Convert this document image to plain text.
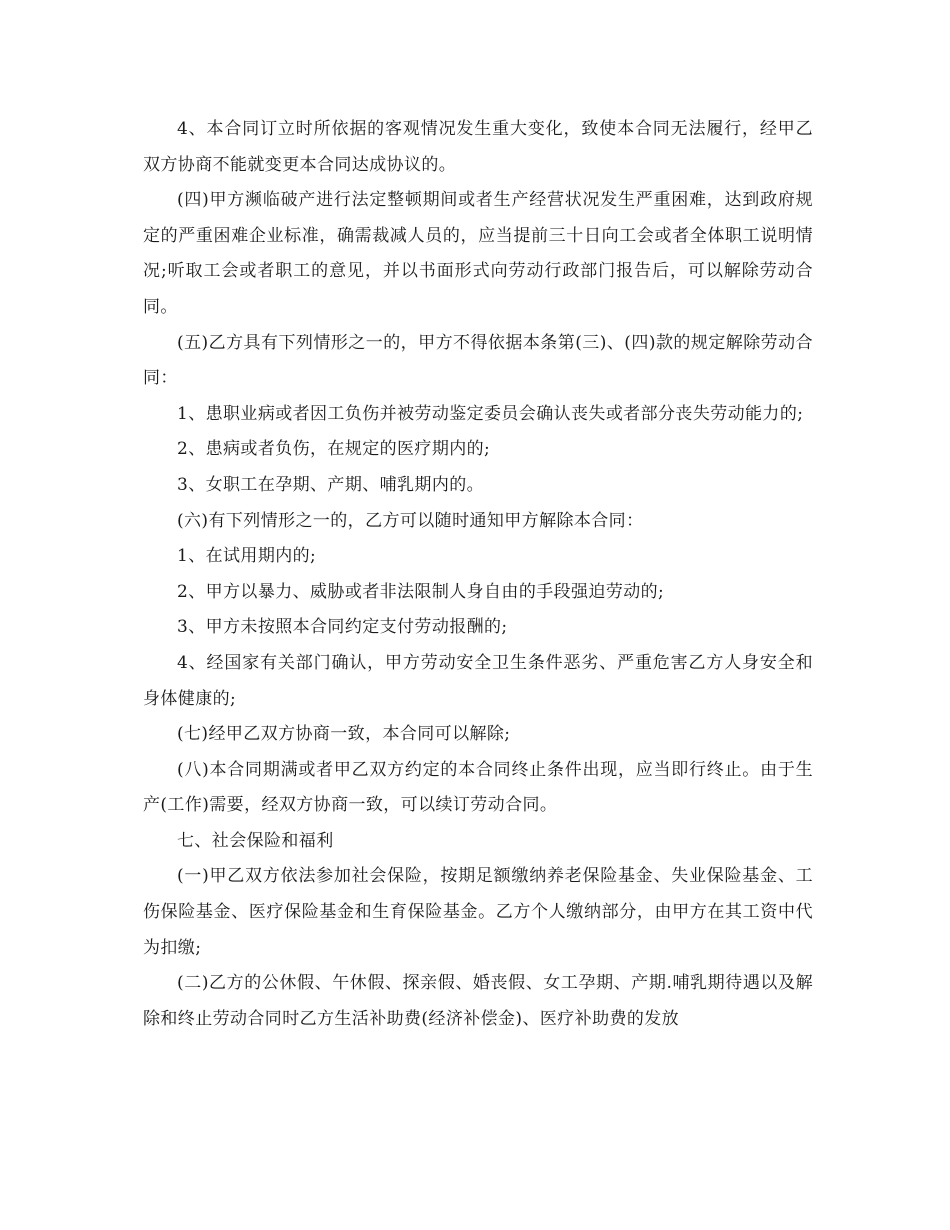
4、本合同订立时所依据的客观情况发生重大变化，致使本合同无法履行，经甲乙双方协商不能就变更本合同达成协议的。

(四)甲方濒临破产进行法定整顿期间或者生产经营状况发生严重困难，达到政府规定的严重困难企业标准，确需裁减人员的，应当提前三十日向工会或者全体职工说明情况;听取工会或者职工的意见，并以书面形式向劳动行政部门报告后，可以解除劳动合同。

(五)乙方具有下列情形之一的，甲方不得依据本条第(三)、(四)款的规定解除劳动合同：

1、患职业病或者因工负伤并被劳动鉴定委员会确认丧失或者部分丧失劳动能力的;

2、患病或者负伤，在规定的医疗期内的;

3、女职工在孕期、产期、哺乳期内的。

(六)有下列情形之一的，乙方可以随时通知甲方解除本合同：

1、在试用期内的;

2、甲方以暴力、威胁或者非法限制人身自由的手段强迫劳动的;

3、甲方未按照本合同约定支付劳动报酬的;

4、经国家有关部门确认，甲方劳动安全卫生条件恶劣、严重危害乙方人身安全和身体健康的;

(七)经甲乙双方协商一致，本合同可以解除;

(八)本合同期满或者甲乙双方约定的本合同终止条件出现，应当即行终止。由于生产(工作)需要，经双方协商一致，可以续订劳动合同。

七、社会保险和福利

(一)甲乙双方依法参加社会保险，按期足额缴纳养老保险基金、失业保险基金、工伤保险基金、医疗保险基金和生育保险基金。乙方个人缴纳部分，由甲方在其工资中代为扣缴;

(二)乙方的公休假、午休假、探亲假、婚丧假、女工孕期、产期.哺乳期待遇以及解除和终止劳动合同时乙方生活补助费(经济补偿金)、医疗补助费的发放
